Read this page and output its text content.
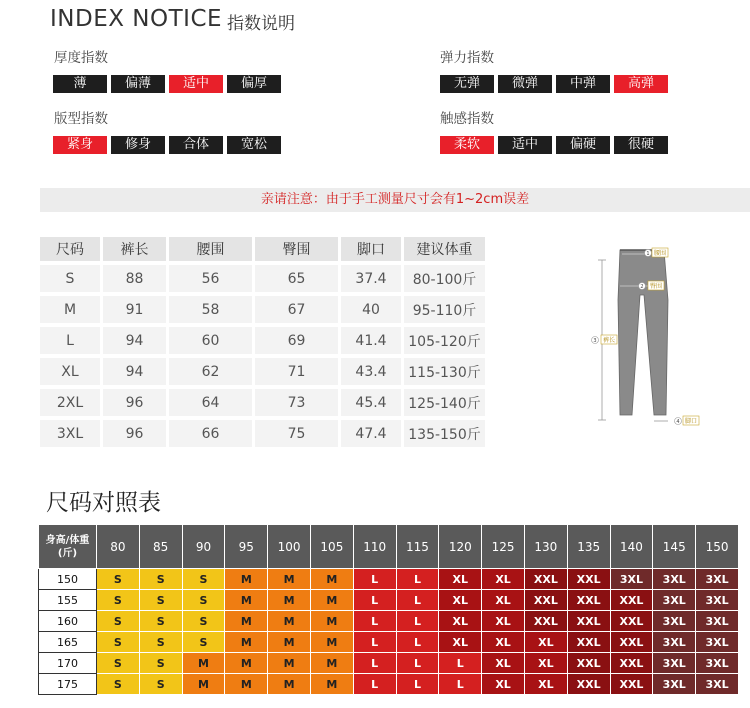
INDEX NOTICE 指数说明
厚度指数
薄	偏薄	适中	偏厚
弹力指数
无弹	微弹	中弹	高弹
版型指数
紧身	修身	合体	宽松
触感指数
柔软	适中	偏硬	很硬
亲请注意：由于手工测量尺寸会有1~2cm误差
尺码	裤长	腰围	臀围	脚口	建议体重
S	88	56	65	37.4	80-100斤
M	91	58	67	40	95-110斤
L	94	60	69	41.4	105-120斤
XL	94	62	71	43.4	115-130斤
2XL	96	64	73	45.4	125-140斤
3XL	96	66	75	47.4	135-150斤
1 腰围
2 臀围
3 裤长
4 脚口
尺码对照表
身高/体重
(斤)	80	85	90	95	100	105	110	115	120	125	130	135	140	145	150
150	S	S	S	M	M	M	L	L	XL	XL	XXL	XXL	3XL	3XL	3XL
155	S	S	S	M	M	M	L	L	XL	XL	XXL	XXL	XXL	3XL	3XL
160	S	S	S	M	M	M	L	L	XL	XL	XXL	XXL	XXL	3XL	3XL
165	S	S	S	M	M	M	L	L	XL	XL	XL	XXL	XXL	3XL	3XL
170	S	S	M	M	M	M	L	L	L	XL	XL	XXL	XXL	3XL	3XL
175	S	S	M	M	M	M	L	L	L	XL	XL	XXL	XXL	3XL	3XL
